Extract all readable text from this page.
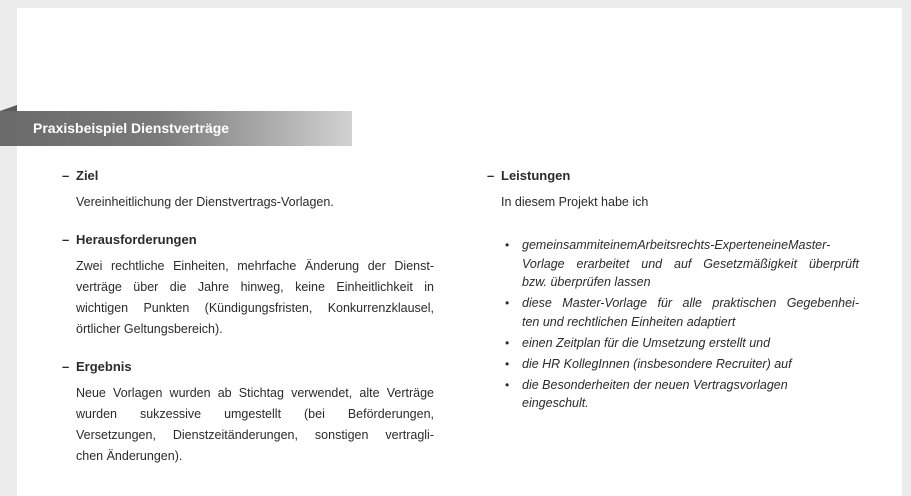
Praxisbeispiel Dienstverträge
– Ziel
Vereinheitlichung der Dienstvertrags-Vorlagen.
– Herausforderungen
Zwei rechtliche Einheiten, mehrfache Änderung der Dienst-
verträge über die Jahre hinweg, keine Einheitlichkeit in
wichtigen Punkten (Kündigungsfristen, Konkurrenzklausel,
örtlicher Geltungsbereich).
– Ergebnis
Neue Vorlagen wurden ab Stichtag verwendet, alte Verträge
wurden sukzessive umgestellt (bei Beförderungen,
Versetzungen, Dienstzeitänderungen, sonstigen vertragli-
chen Änderungen).
– Leistungen
In diesem Projekt habe ich
• gemeinsammiteinemArbeitsrechts-ExperteneineMaster-
Vorlage erarbeitet und auf Gesetzmäßigkeit überprüft
bzw. überprüfen lassen
• diese Master-Vorlage für alle praktischen Gegebenhei-
ten und rechtlichen Einheiten adaptiert
• einen Zeitplan für die Umsetzung erstellt und
• die HR KollegInnen (insbesondere Recruiter) auf
• die Besonderheiten der neuen Vertragsvorlagen
eingeschult.
